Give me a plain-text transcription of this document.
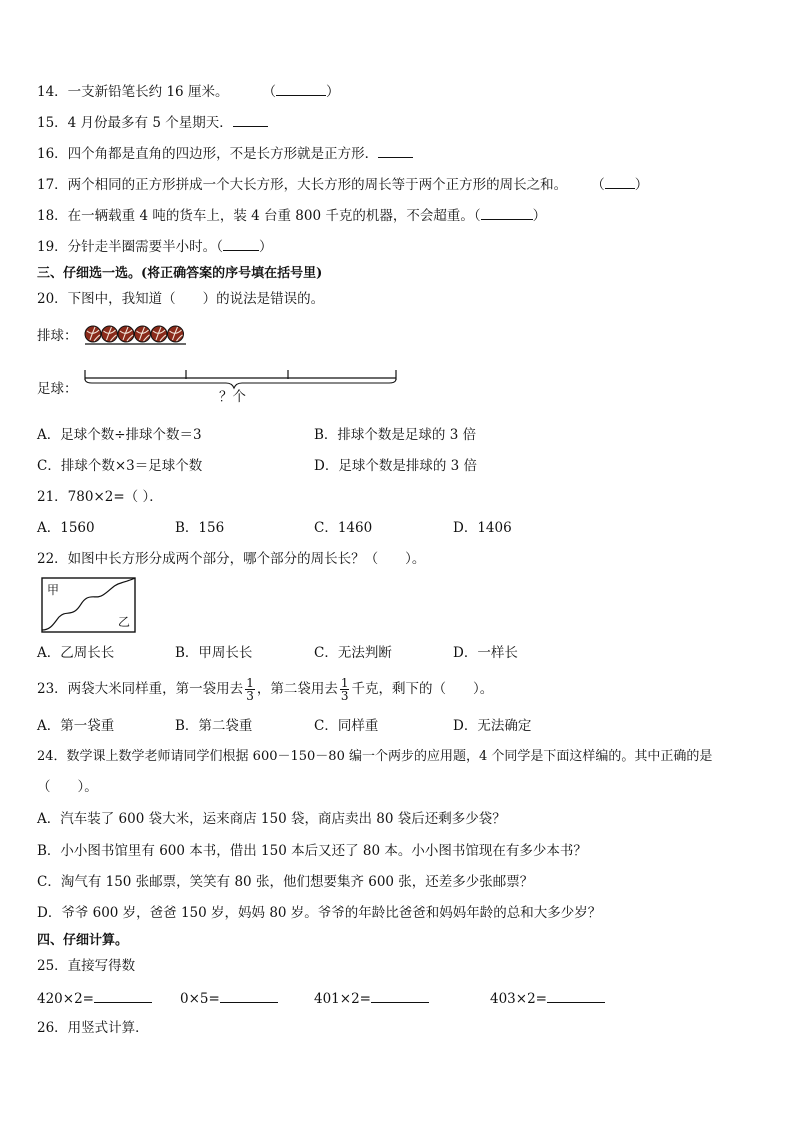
14．一支新铅笔长约 16 厘米。	（	）
15．4 月份最多有 5 个星期天．
16．四个角都是直角的四边形，不是长方形就是正方形．
17．两个相同的正方形拼成一个大长方形，大长方形的周长等于两个正方形的周长之和。 （ ）
18．在一辆载重 4 吨的货车上，装 4 台重 800 千克的机器，不会超重。（	）
19．分针走半圈需要半小时。（	）
三、仔细选一选。(将正确答案的序号填在括号里)
20．下图中，我知道（　　）的说法是错误的。
排球：
足球：	？个
A．足球个数÷排球个数＝3	B．排球个数是足球的 3 倍
C．排球个数×3＝足球个数	D．足球个数是排球的 3 倍
21．780×2=（ ）．
A．1560	B．156	C．1460	D．1406
22．如图中长方形分成两个部分，哪个部分的周长长？（　　）。
甲
乙
A．乙周长长	B．甲周长长	C．无法判断	D．一样长
23．两袋大米同样重，第一袋用去 $\frac{1}{3}$ ，第二袋用去 $\frac{1}{3}$ 千克，剩下的（　　）。
A．第一袋重	B．第二袋重	C．同样重	D．无法确定
24．数学课上数学老师请同学们根据 600－150－80 编一个两步的应用题，4 个同学是下面这样编的。其中正确的是
（　　）。
A．汽车装了 600 袋大米，运来商店 150 袋，商店卖出 80 袋后还剩多少袋？
B．小小图书馆里有 600 本书，借出 150 本后又还了 80 本。小小图书馆现在有多少本书？
C．淘气有 150 张邮票，笑笑有 80 张，他们想要集齐 600 张，还差多少张邮票？
D．爷爷 600 岁，爸爸 150 岁，妈妈 80 岁。爷爷的年龄比爸爸和妈妈年龄的总和大多少岁？
四、仔细计算。
25．直接写得数
420×2=	0×5=	401×2=	403×2=
26．用竖式计算．
